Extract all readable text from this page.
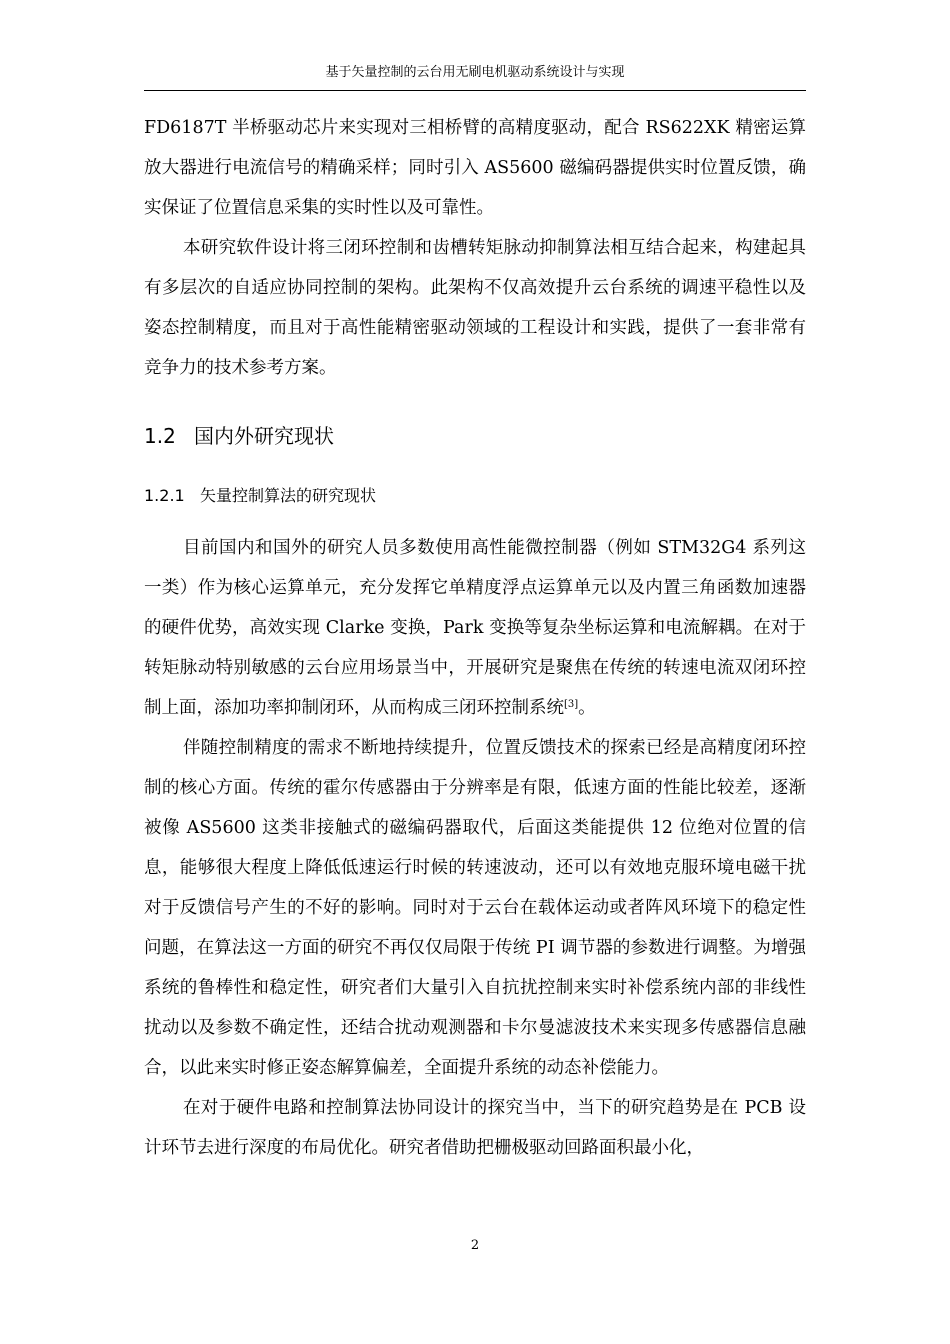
基于矢量控制的云台用无刷电机驱动系统设计与实现

FD6187T 半桥驱动芯片来实现对三相桥臂的高精度驱动，配合 RS622XK 精密运算放大器进行电流信号的精确采样；同时引入 AS5600 磁编码器提供实时位置反馈，确实保证了位置信息采集的实时性以及可靠性。

本研究软件设计将三闭环控制和齿槽转矩脉动抑制算法相互结合起来，构建起具有多层次的自适应协同控制的架构。此架构不仅高效提升云台系统的调速平稳性以及姿态控制精度，而且对于高性能精密驱动领域的工程设计和实践，提供了一套非常有竞争力的技术参考方案。

1.2 国内外研究现状
1.2.1 矢量控制算法的研究现状

目前国内和国外的研究人员多数使用高性能微控制器（例如 STM32G4 系列这一类）作为核心运算单元，充分发挥它单精度浮点运算单元以及内置三角函数加速器的硬件优势，高效实现 Clarke 变换，Park 变换等复杂坐标运算和电流解耦。在对于转矩脉动特别敏感的云台应用场景当中，开展研究是聚焦在传统的转速电流双闭环控制上面，添加功率抑制闭环，从而构成三闭环控制系统[3]。

伴随控制精度的需求不断地持续提升，位置反馈技术的探索已经是高精度闭环控制的核心方面。传统的霍尔传感器由于分辨率是有限，低速方面的性能比较差，逐渐被像 AS5600 这类非接触式的磁编码器取代，后面这类能提供 12 位绝对位置的信息，能够很大程度上降低低速运行时候的转速波动，还可以有效地克服环境电磁干扰对于反馈信号产生的不好的影响。同时对于云台在载体运动或者阵风环境下的稳定性问题，在算法这一方面的研究不再仅仅局限于传统 PI 调节器的参数进行调整。为增强系统的鲁棒性和稳定性，研究者们大量引入自抗扰控制来实时补偿系统内部的非线性扰动以及参数不确定性，还结合扰动观测器和卡尔曼滤波技术来实现多传感器信息融合，以此来实时修正姿态解算偏差，全面提升系统的动态补偿能力。

在对于硬件电路和控制算法协同设计的探究当中，当下的研究趋势是在 PCB 设计环节去进行深度的布局优化。研究者借助把栅极驱动回路面积最小化，

2
